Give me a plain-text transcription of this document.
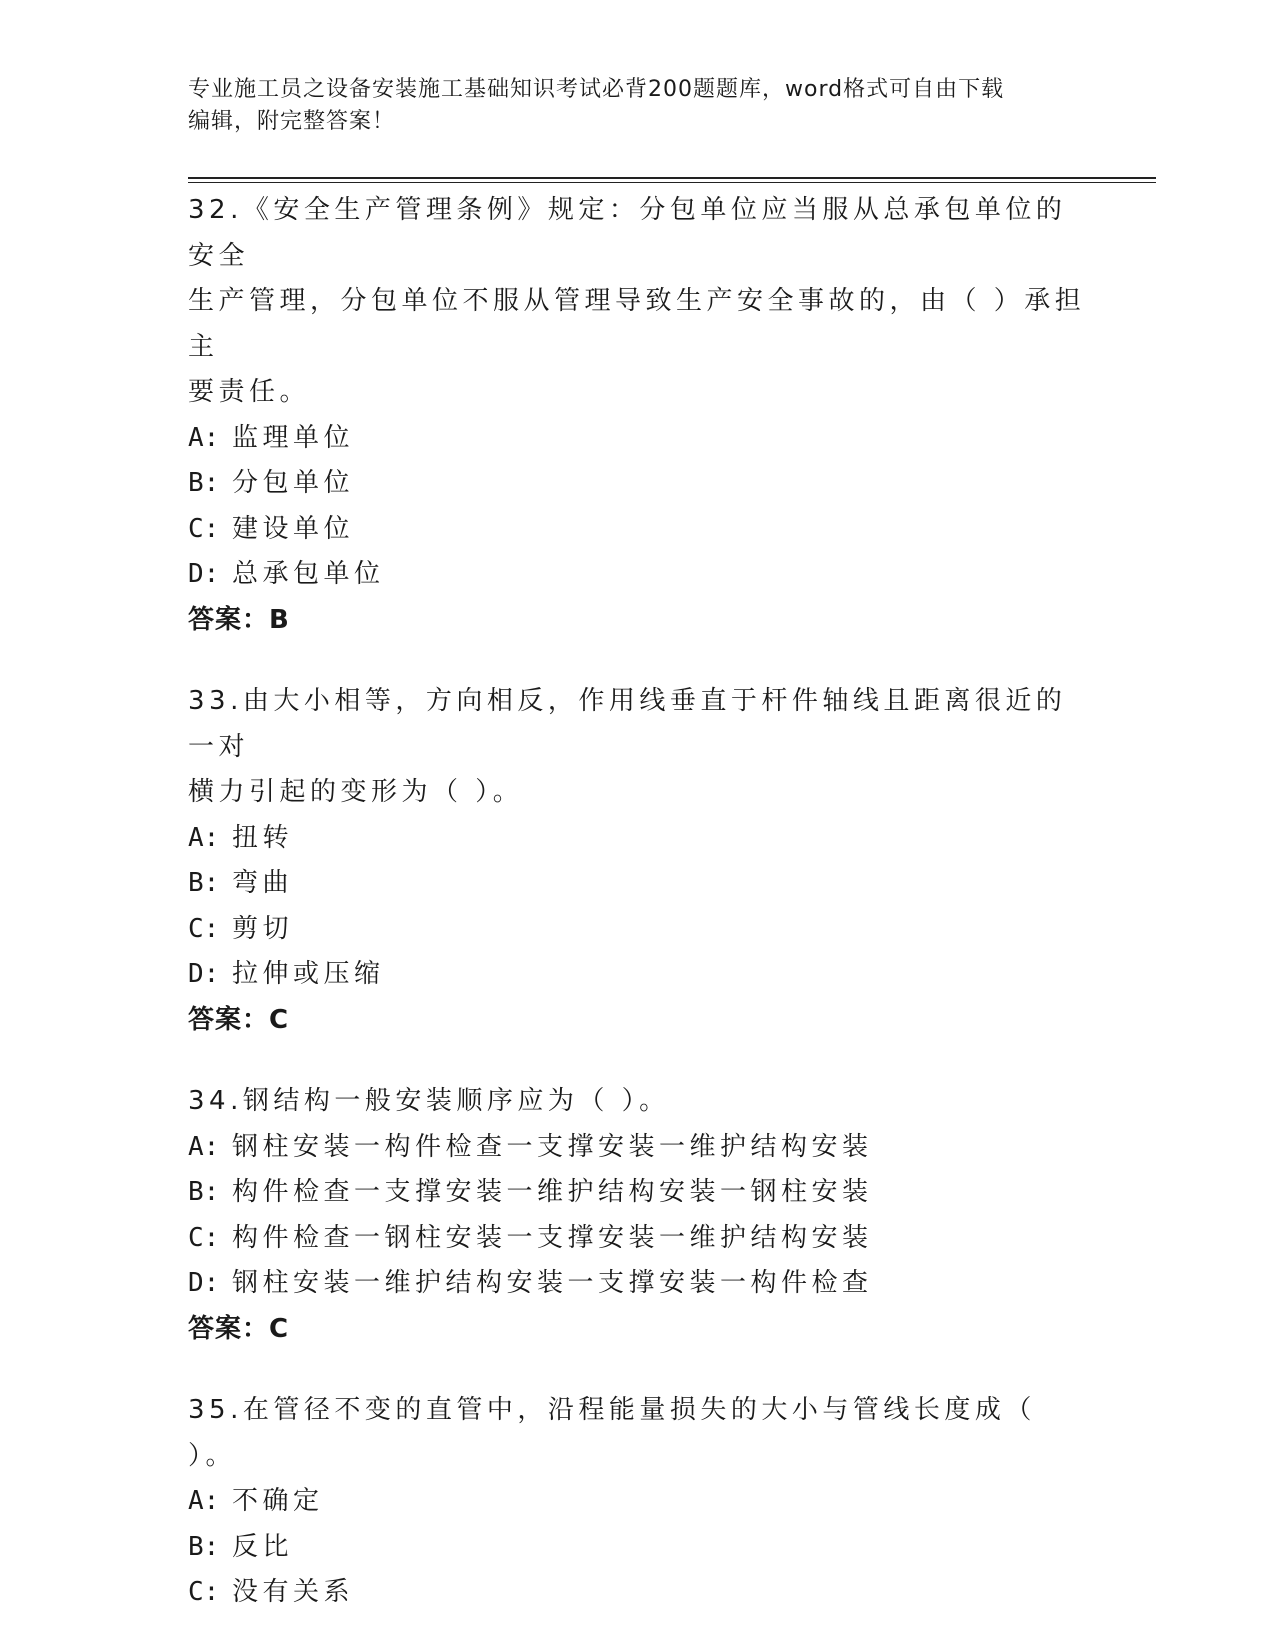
专业施工员之设备安装施工基础知识考试必背200题题库，word格式可自由下载
编辑，附完整答案！
32.《安全生产管理条例》规定：分包单位应当服从总承包单位的安全
生产管理，分包单位不服从管理导致生产安全事故的，由（ ）承担主
要责任。
A: 监理单位
B: 分包单位
C: 建设单位
D: 总承包单位
答案：B
33.由大小相等，方向相反，作用线垂直于杆件轴线且距离很近的一对
横力引起的变形为（ ）。
A: 扭转
B: 弯曲
C: 剪切
D: 拉伸或压缩
答案：C
34.钢结构一般安装顺序应为（ ）。
A: 钢柱安装一构件检查一支撑安装一维护结构安装
B: 构件检查一支撑安装一维护结构安装一钢柱安装
C: 构件检查一钢柱安装一支撑安装一维护结构安装
D: 钢柱安装一维护结构安装一支撑安装一构件检查
答案：C
35.在管径不变的直管中，沿程能量损失的大小与管线长度成（ ）。
A: 不确定
B: 反比
C: 没有关系
